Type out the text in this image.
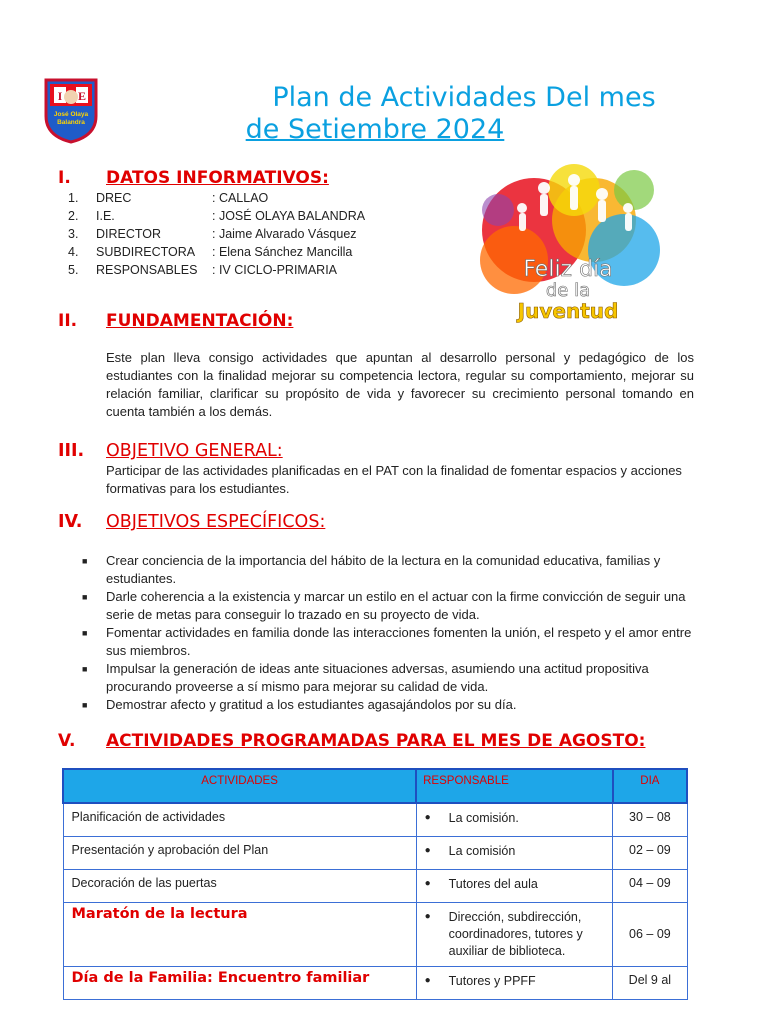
I E
José Olaya
Balandra
Plan de Actividades Del mes
de Setiembre 2024
I. DATOS INFORMATIVOS:
1.	DREC	: CALLAO
2.	I.E.	: JOSÉ OLAYA BALANDRA
3.	DIRECTOR	: Jaime Alvarado Vásquez
4.	SUBDIRECTORA	: Elena Sánchez Mancilla
5.	RESPONSABLES	: IV CICLO-PRIMARIA	Feliz día
de la
Juventud
II. FUNDAMENTACIÓN:

Este plan lleva consigo actividades que apuntan al desarrollo personal y pedagógico de los estudiantes con la finalidad mejorar su competencia lectora, regular su comportamiento, mejorar su relación familiar, clarificar su propósito de vida y favorecer su crecimiento personal tomando en cuenta también a los demás.

III. OBJETIVO GENERAL:

Participar de las actividades planificadas en el PAT con la finalidad de fomentar espacios y acciones formativas para los estudiantes.

IV. OBJETIVOS ESPECÍFICOS:
■	Crear conciencia de la importancia del hábito de la lectura en la comunidad educativa, familias y estudiantes.
■	Darle coherencia a la existencia y marcar un estilo en el actuar con la firme convicción de seguir una serie de metas para conseguir lo trazado en su proyecto de vida.
■	Fomentar actividades en familia donde las interacciones fomenten la unión, el respeto y el amor entre sus miembros.
■	Impulsar la generación de ideas ante situaciones adversas, asumiendo una actitud propositiva procurando proveerse a sí mismo para mejorar su calidad de vida.
■	Demostrar afecto y gratitud a los estudiantes agasajándolos por su día.
V. ACTIVIDADES PROGRAMADAS PARA EL MES DE AGOSTO:
ACTIVIDADES	RESPONSABLE	DIA
Planificación de actividades	● La comisión.	30 – 08
Presentación y aprobación del Plan	● La comisión	02 – 09
Decoración de las puertas	● Tutores del aula	04 – 09
Maratón de la lectura	● Dirección, subdirección, coordinadores, tutores y auxiliar de biblioteca.	06 – 09
Día de la Familia: Encuentro familiar	● Tutores y PPFF	Del 9 al
